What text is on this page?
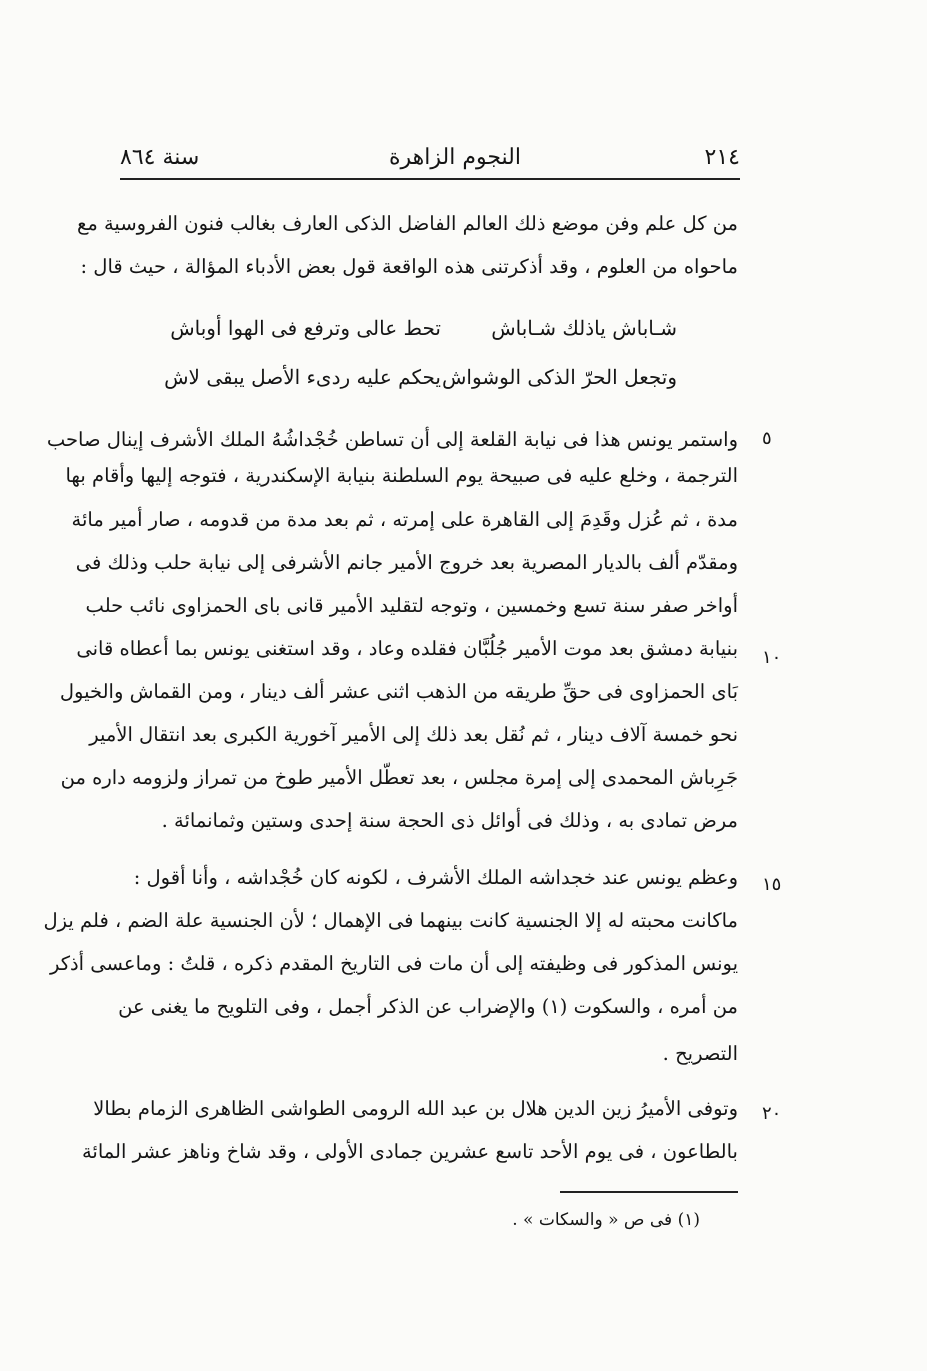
٢١٤
النجوم الزاهرة
سنة ٨٦٤
من كل علم وفن موضع ذلك العالم الفاضل الذكى العارف بغالب فنون الفروسية مع
ماحواه من العلوم ، وقد أذكرتنى هذه الواقعة قول بعض الأدباء المؤالة ، حيث قال :
شـاباش ياذلك شـاباش
تحط عالى وترفع فى الهوا أوباش
وتجعل الحرّ الذكى الوشواش
يحكم عليه ردىء الأصل يبقى لاش
واستمر يونس هذا فى نيابة القلعة إلى أن تساطن خُجْداشُهُ الملك الأشرف إينال صاحب
الترجمة ، وخلع عليه فى صبيحة يوم السلطنة بنيابة الإسكندرية ، فتوجه إليها وأقام بها
مدة ، ثم عُزل وقَدِمَ إلى القاهرة على إمرته ، ثم بعد مدة من قدومه ، صار أمير مائة
ومقدّم ألف بالديار المصرية بعد خروج الأمير جانم الأشرفى إلى نيابة حلب وذلك فى
أواخر صفر سنة تسع وخمسين ، وتوجه لتقليد الأمير قانى باى الحمزاوى نائب حلب
بنيابة دمشق بعد موت الأمير جُلُبَّان فقلده وعاد ، وقد استغنى يونس بما أعطاه قانى
بَاى الحمزاوى فى حقِّ طريقه من الذهب اثنى عشر ألف دينار ، ومن القماش والخيول
نحو خمسة آلاف دينار ، ثم نُقل بعد ذلك إلى الأمير آخورية الكبرى بعد انتقال الأمير
جَرِباش المحمدى إلى إمرة مجلس ، بعد تعطّل الأمير طوخ من تمراز ولزومه داره من
مرض تمادى به ، وذلك فى أوائل ذى الحجة سنة إحدى وستين وثمانمائة .
وعظم يونس عند خجداشه الملك الأشرف ، لكونه كان خُجْداشه ، وأنا أقول :
ماكانت محبته له إلا الجنسية كانت بينهما فى الإهمال ؛ لأن الجنسية علة الضم ، فلم يزل
يونس المذكور فى وظيفته إلى أن مات فى التاريخ المقدم ذكره ، قلتُ : وماعسى أذكر
من أمره ، والسكوت (١) والإضراب عن الذكر أجمل ، وفى التلويح ما يغنى عن
التصريح .
وتوفى الأميرُ زين الدين هلال بن عبد الله الرومى الطواشى الظاهرى الزمام بطالا
بالطاعون ، فى يوم الأحد تاسع عشرين جمادى الأولى ، وقد شاخ وناهز عشر المائة
٥
١٠
١٥
٢٠
(١) فى ص « والسكات » .
